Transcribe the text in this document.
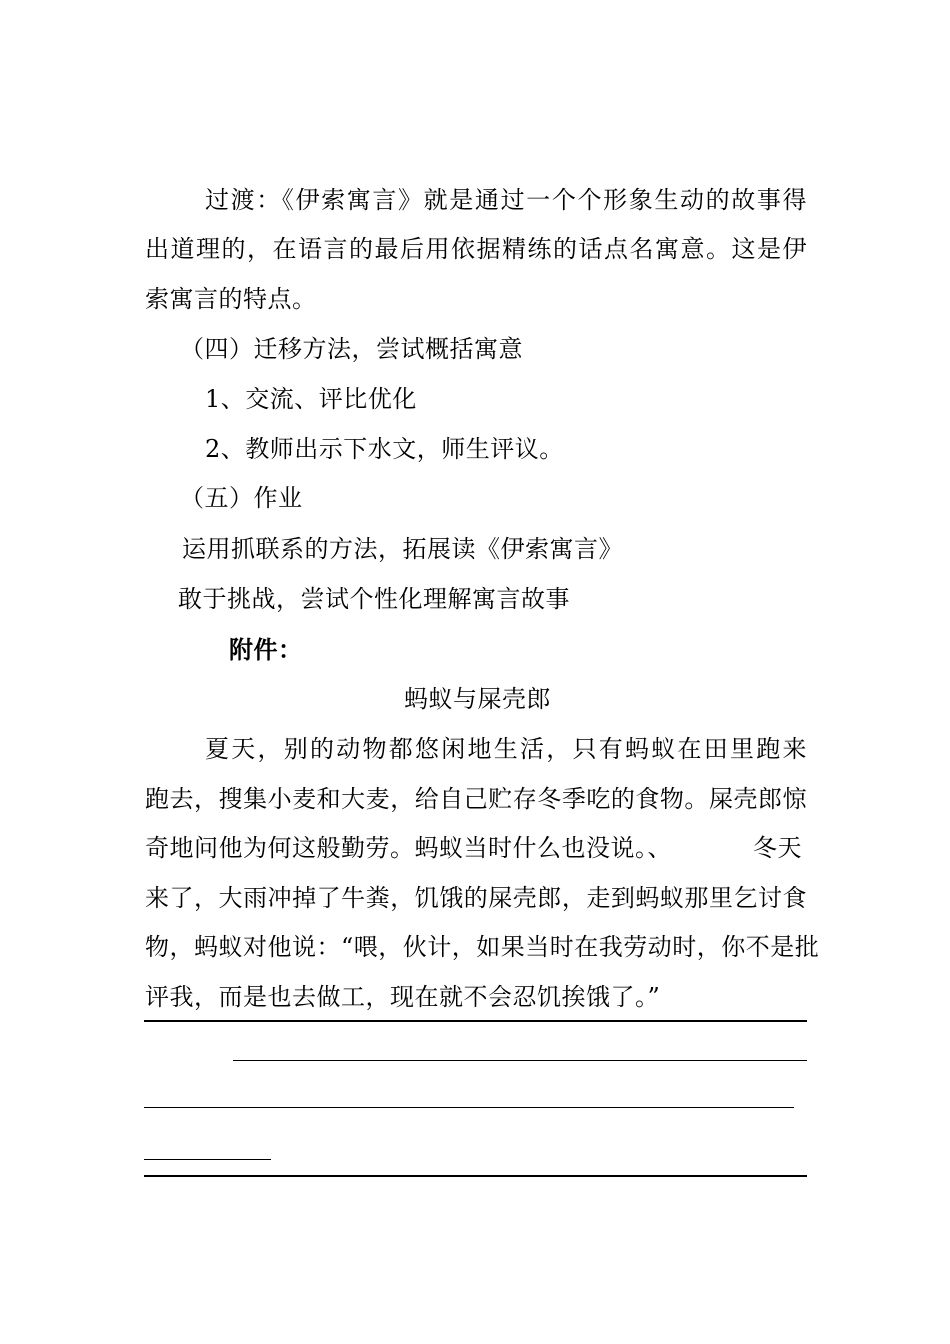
过渡：《伊索寓言》就是通过一个个形象生动的故事得
出道理的，在语言的最后用依据精练的话点名寓意。这是伊
索寓言的特点。
（四）迁移方法，尝试概括寓意
1、交流、评比优化
2、教师出示下水文，师生评议。
（五）作业
运用抓联系的方法，拓展读《伊索寓言》
敢于挑战，尝试个性化理解寓言故事
附件：
蚂蚁与屎壳郎
夏天，别的动物都悠闲地生活，只有蚂蚁在田里跑来
跑去，搜集小麦和大麦，给自己贮存冬季吃的食物。屎壳郎惊
奇地问他为何这般勤劳。蚂蚁当时什么也没说。、	冬天
来了，大雨冲掉了牛粪，饥饿的屎壳郎，走到蚂蚁那里乞讨食
物，蚂蚁对他说：“喂，伙计，如果当时在我劳动时，你不是批
评我，而是也去做工，现在就不会忍饥挨饿了。”
